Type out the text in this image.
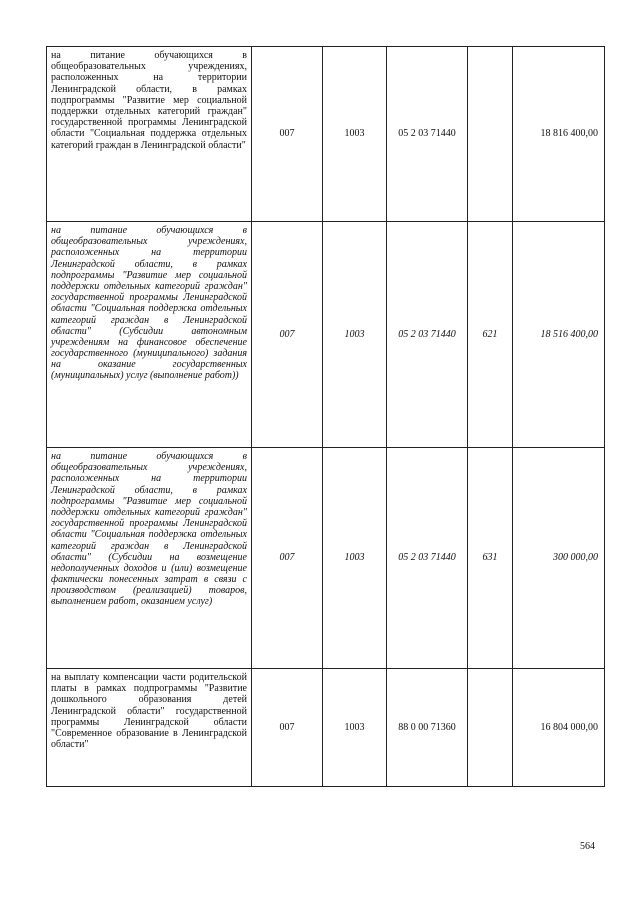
на питание обучающихся в общеобразовательных учреждениях, расположенных на территории Ленинградской области, в рамках подпрограммы "Развитие мер социальной поддержки отдельных категорий граждан" государственной программы Ленинградской области "Социальная поддержка отдельных категорий граждан в Ленинградской области"	007	1003	05 2 03 71440		18 816 400,00
на питание обучающихся в общеобразовательных учреждениях, расположенных на территории Ленинградской области, в рамках подпрограммы "Развитие мер социальной поддержки отдельных категорий граждан" государственной программы Ленинградской области "Социальная поддержка отдельных категорий граждан в Ленинградской области" (Субсидии автономным учреждениям на финансовое обеспечение государственного (муниципального) задания на оказание государственных (муниципальных) услуг (выполнение работ))	007	1003	05 2 03 71440	621	18 516 400,00
на питание обучающихся в общеобразовательных учреждениях, расположенных на территории Ленинградской области, в рамках подпрограммы "Развитие мер социальной поддержки отдельных категорий граждан" государственной программы Ленинградской области "Социальная поддержка отдельных категорий граждан в Ленинградской области" (Субсидии на возмещение недополученных доходов и (или) возмещение фактически понесенных затрат в связи с производством (реализацией) товаров, выполнением работ, оказанием услуг)	007	1003	05 2 03 71440	631	300 000,00
на выплату компенсации части родительской платы в рамках подпрограммы "Развитие дошкольного образования детей Ленинградской области" государственной программы Ленинградской области "Современное образование в Ленинградской области"	007	1003	88 0 00 71360		16 804 000,00
564
